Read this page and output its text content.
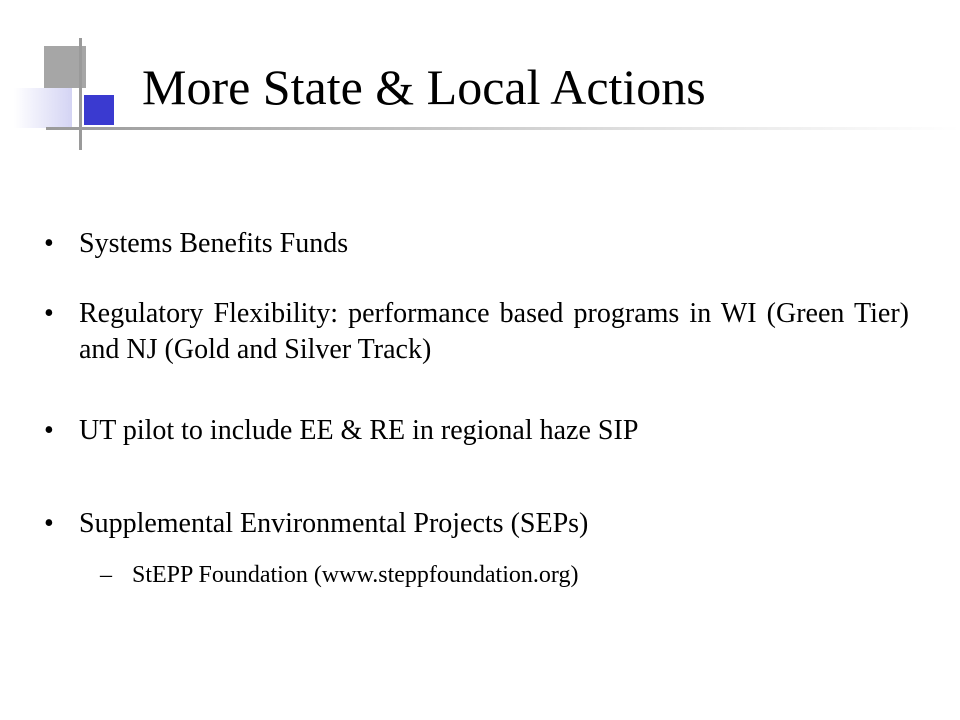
More State & Local Actions
• Systems Benefits Funds
• Regulatory Flexibility: performance based programs in WI (Green Tier) and NJ (Gold and Silver Track)
• UT pilot to include EE & RE in regional haze SIP
• Supplemental Environmental Projects (SEPs)
– StEPP Foundation (www.steppfoundation.org)
